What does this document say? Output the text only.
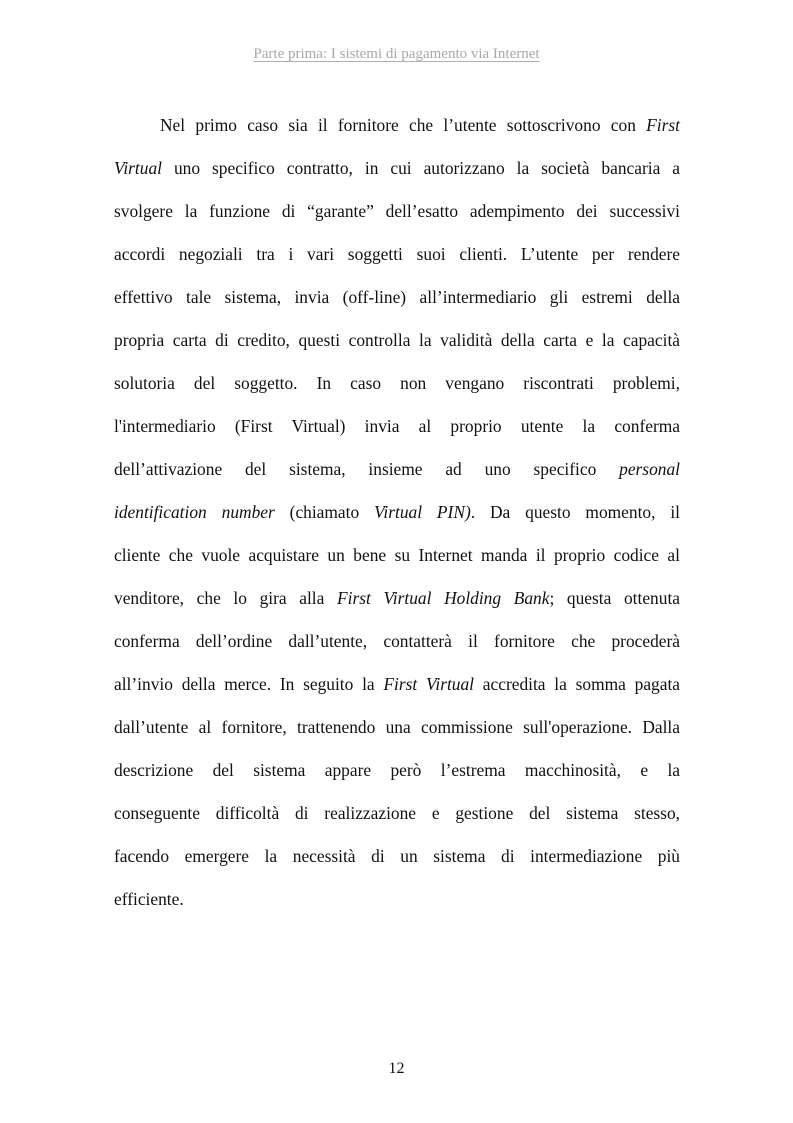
Parte prima: I sistemi di pagamento via Internet
Nel primo caso sia il fornitore che l’utente sottoscrivono con First
Virtual uno specifico contratto, in cui autorizzano la società bancaria a
svolgere la funzione di “garante” dell’esatto adempimento dei successivi
accordi negoziali tra i vari soggetti suoi clienti. L’utente per rendere
effettivo tale sistema, invia (off-line) all’intermediario gli estremi della
propria carta di credito, questi controlla la validità della carta e la capacità
solutoria del soggetto. In caso non vengano riscontrati problemi,
l'intermediario (First Virtual) invia al proprio utente la conferma
dell’attivazione del sistema, insieme ad uno specifico personal
identification number (chiamato Virtual PIN). Da questo momento, il
cliente che vuole acquistare un bene su Internet manda il proprio codice al
venditore, che lo gira alla First Virtual Holding Bank; questa ottenuta
conferma dell’ordine dall’utente, contatterà il fornitore che procederà
all’invio della merce. In seguito la First Virtual accredita la somma pagata
dall’utente al fornitore, trattenendo una commissione sull'operazione. Dalla
descrizione del sistema appare però l’estrema macchinosità, e la
conseguente difficoltà di realizzazione e gestione del sistema stesso,
facendo emergere la necessità di un sistema di intermediazione più
efficiente.
12
